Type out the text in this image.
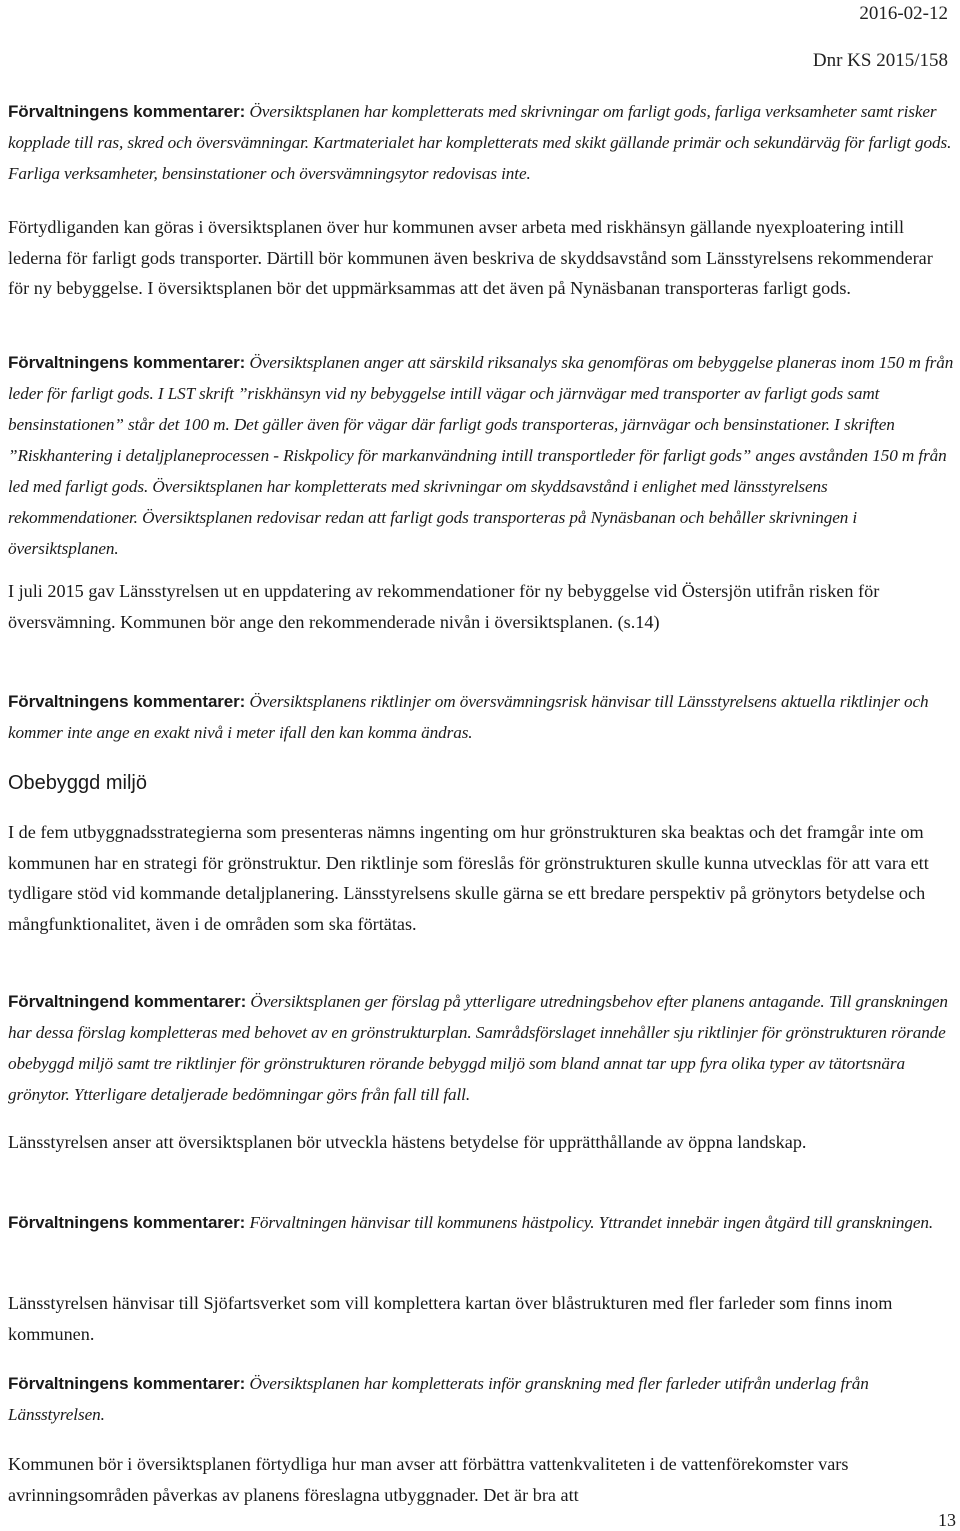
2016-02-12
Dnr KS 2015/158

Förvaltningens kommentarer: Översiktsplanen har kompletterats med skrivningar om farligt gods, farliga verksamheter samt risker kopplade till ras, skred och översvämningar. Kartmaterialet har kompletterats med skikt gällande primär och sekundärväg för farligt gods. Farliga verksamheter, bensinstationer och översvämningsytor redovisas inte.

Förtydliganden kan göras i översiktsplanen över hur kommunen avser arbeta med riskhänsyn gällande nyexploatering intill lederna för farligt gods transporter. Därtill bör kommunen även beskriva de skyddsavstånd som Länsstyrelsens rekommenderar för ny bebyggelse. I översiktsplanen bör det uppmärksammas att det även på Nynäsbanan transporteras farligt gods.

Förvaltningens kommentarer: Översiktsplanen anger att särskild riksanalys ska genomföras om bebyggelse planeras inom 150 m från leder för farligt gods. I LST skrift ”riskhänsyn vid ny bebyggelse intill vägar och järnvägar med transporter av farligt gods samt bensinstationen” står det 100 m. Det gäller även för vägar där farligt gods transporteras, järnvägar och bensinstationer. I skriften ”Riskhantering i detaljplaneprocessen - Riskpolicy för markanvändning intill transportleder för farligt gods” anges avstånden 150 m från led med farligt gods. Översiktsplanen har kompletterats med skrivningar om skyddsavstånd i enlighet med länsstyrelsens rekommendationer. Översiktsplanen redovisar redan att farligt gods transporteras på Nynäsbanan och behåller skrivningen i översiktsplanen.

I juli 2015 gav Länsstyrelsen ut en uppdatering av rekommendationer för ny bebyggelse vid Östersjön utifrån risken för översvämning. Kommunen bör ange den rekommenderade nivån i översiktsplanen. (s.14)

Förvaltningens kommentarer: Översiktsplanens riktlinjer om översvämningsrisk hänvisar till Länsstyrelsens aktuella riktlinjer och kommer inte ange en exakt nivå i meter ifall den kan komma ändras.

Obebyggd miljö

I de fem utbyggnadsstrategierna som presenteras nämns ingenting om hur grönstrukturen ska beaktas och det framgår inte om kommunen har en strategi för grönstruktur. Den riktlinje som föreslås för grönstrukturen skulle kunna utvecklas för att vara ett tydligare stöd vid kommande detaljplanering. Länsstyrelsens skulle gärna se ett bredare perspektiv på grönytors betydelse och mångfunktionalitet, även i de områden som ska förtätas.

Förvaltningend kommentarer: Översiktsplanen ger förslag på ytterligare utredningsbehov efter planens antagande. Till granskningen har dessa förslag kompletteras med behovet av en grönstrukturplan. Samrådsförslaget innehåller sju riktlinjer för grönstrukturen rörande obebyggd miljö samt tre riktlinjer för grönstrukturen rörande bebyggd miljö som bland annat tar upp fyra olika typer av tätortsnära grönytor. Ytterligare detaljerade bedömningar görs från fall till fall.

Länsstyrelsen anser att översiktsplanen bör utveckla hästens betydelse för upprätthållande av öppna landskap.

Förvaltningens kommentarer: Förvaltningen hänvisar till kommunens hästpolicy. Yttrandet innebär ingen åtgärd till granskningen.

Länsstyrelsen hänvisar till Sjöfartsverket som vill komplettera kartan över blåstrukturen med fler farleder som finns inom kommunen.

Förvaltningens kommentarer: Översiktsplanen har kompletterats inför granskning med fler farleder utifrån underlag från Länsstyrelsen.

Kommunen bör i översiktsplanen förtydliga hur man avser att förbättra vattenkvaliteten i de vattenförekomster vars avrinningsområden påverkas av planens föreslagna utbyggnader. Det är bra att

13
